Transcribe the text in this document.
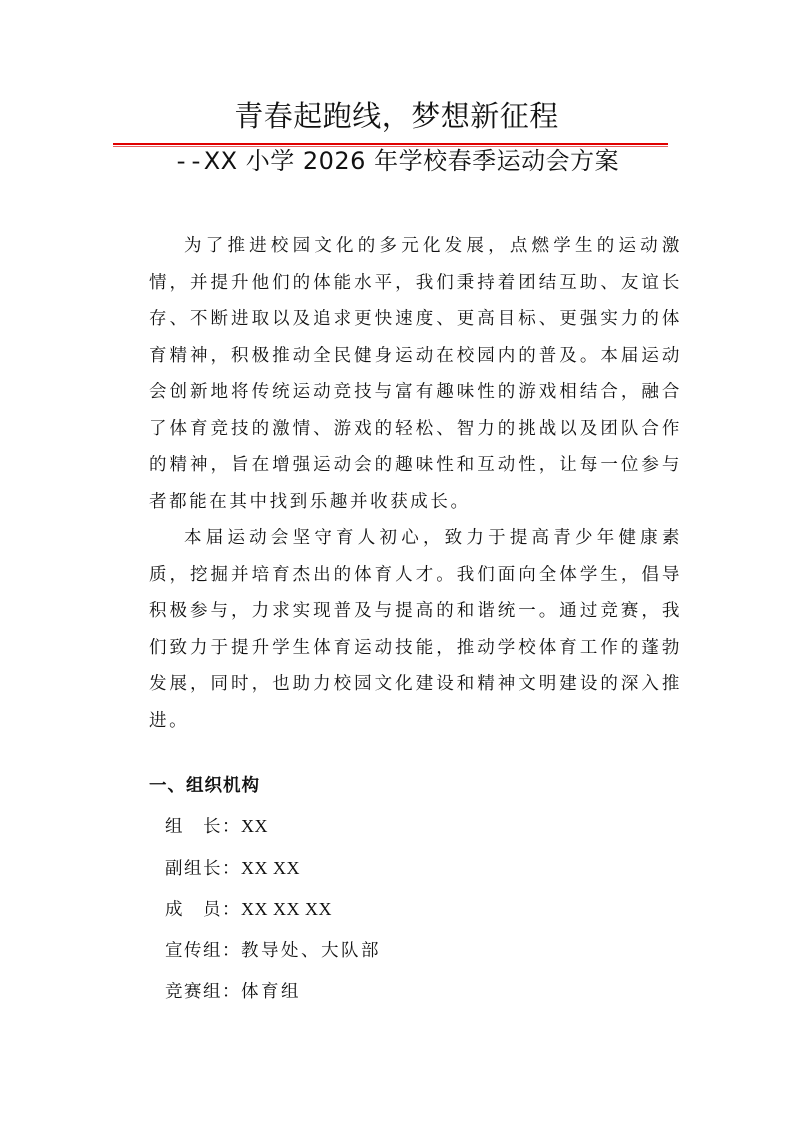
青春起跑线，梦想新征程
--XX 小学 2026 年学校春季运动会方案

为了推进校园文化的多元化发展，点燃学生的运动激情，并提升他们的体能水平，我们秉持着团结互助、友谊长存、不断进取以及追求更快速度、更高目标、更强实力的体育精神，积极推动全民健身运动在校园内的普及。本届运动会创新地将传统运动竞技与富有趣味性的游戏相结合，融合了体育竞技的激情、游戏的轻松、智力的挑战以及团队合作的精神，旨在增强运动会的趣味性和互动性，让每一位参与者都能在其中找到乐趣并收获成长。

本届运动会坚守育人初心，致力于提高青少年健康素质，挖掘并培育杰出的体育人才。我们面向全体学生，倡导积极参与，力求实现普及与提高的和谐统一。通过竞赛，我们致力于提升学生体育运动技能，推动学校体育工作的蓬勃发展，同时，也助力校园文化建设和精神文明建设的深入推进。

一、组织机构
组　长：XX
副组长：XX XX
成　员：XX XX XX
宣传组：教导处、大队部
竞赛组：体育组
